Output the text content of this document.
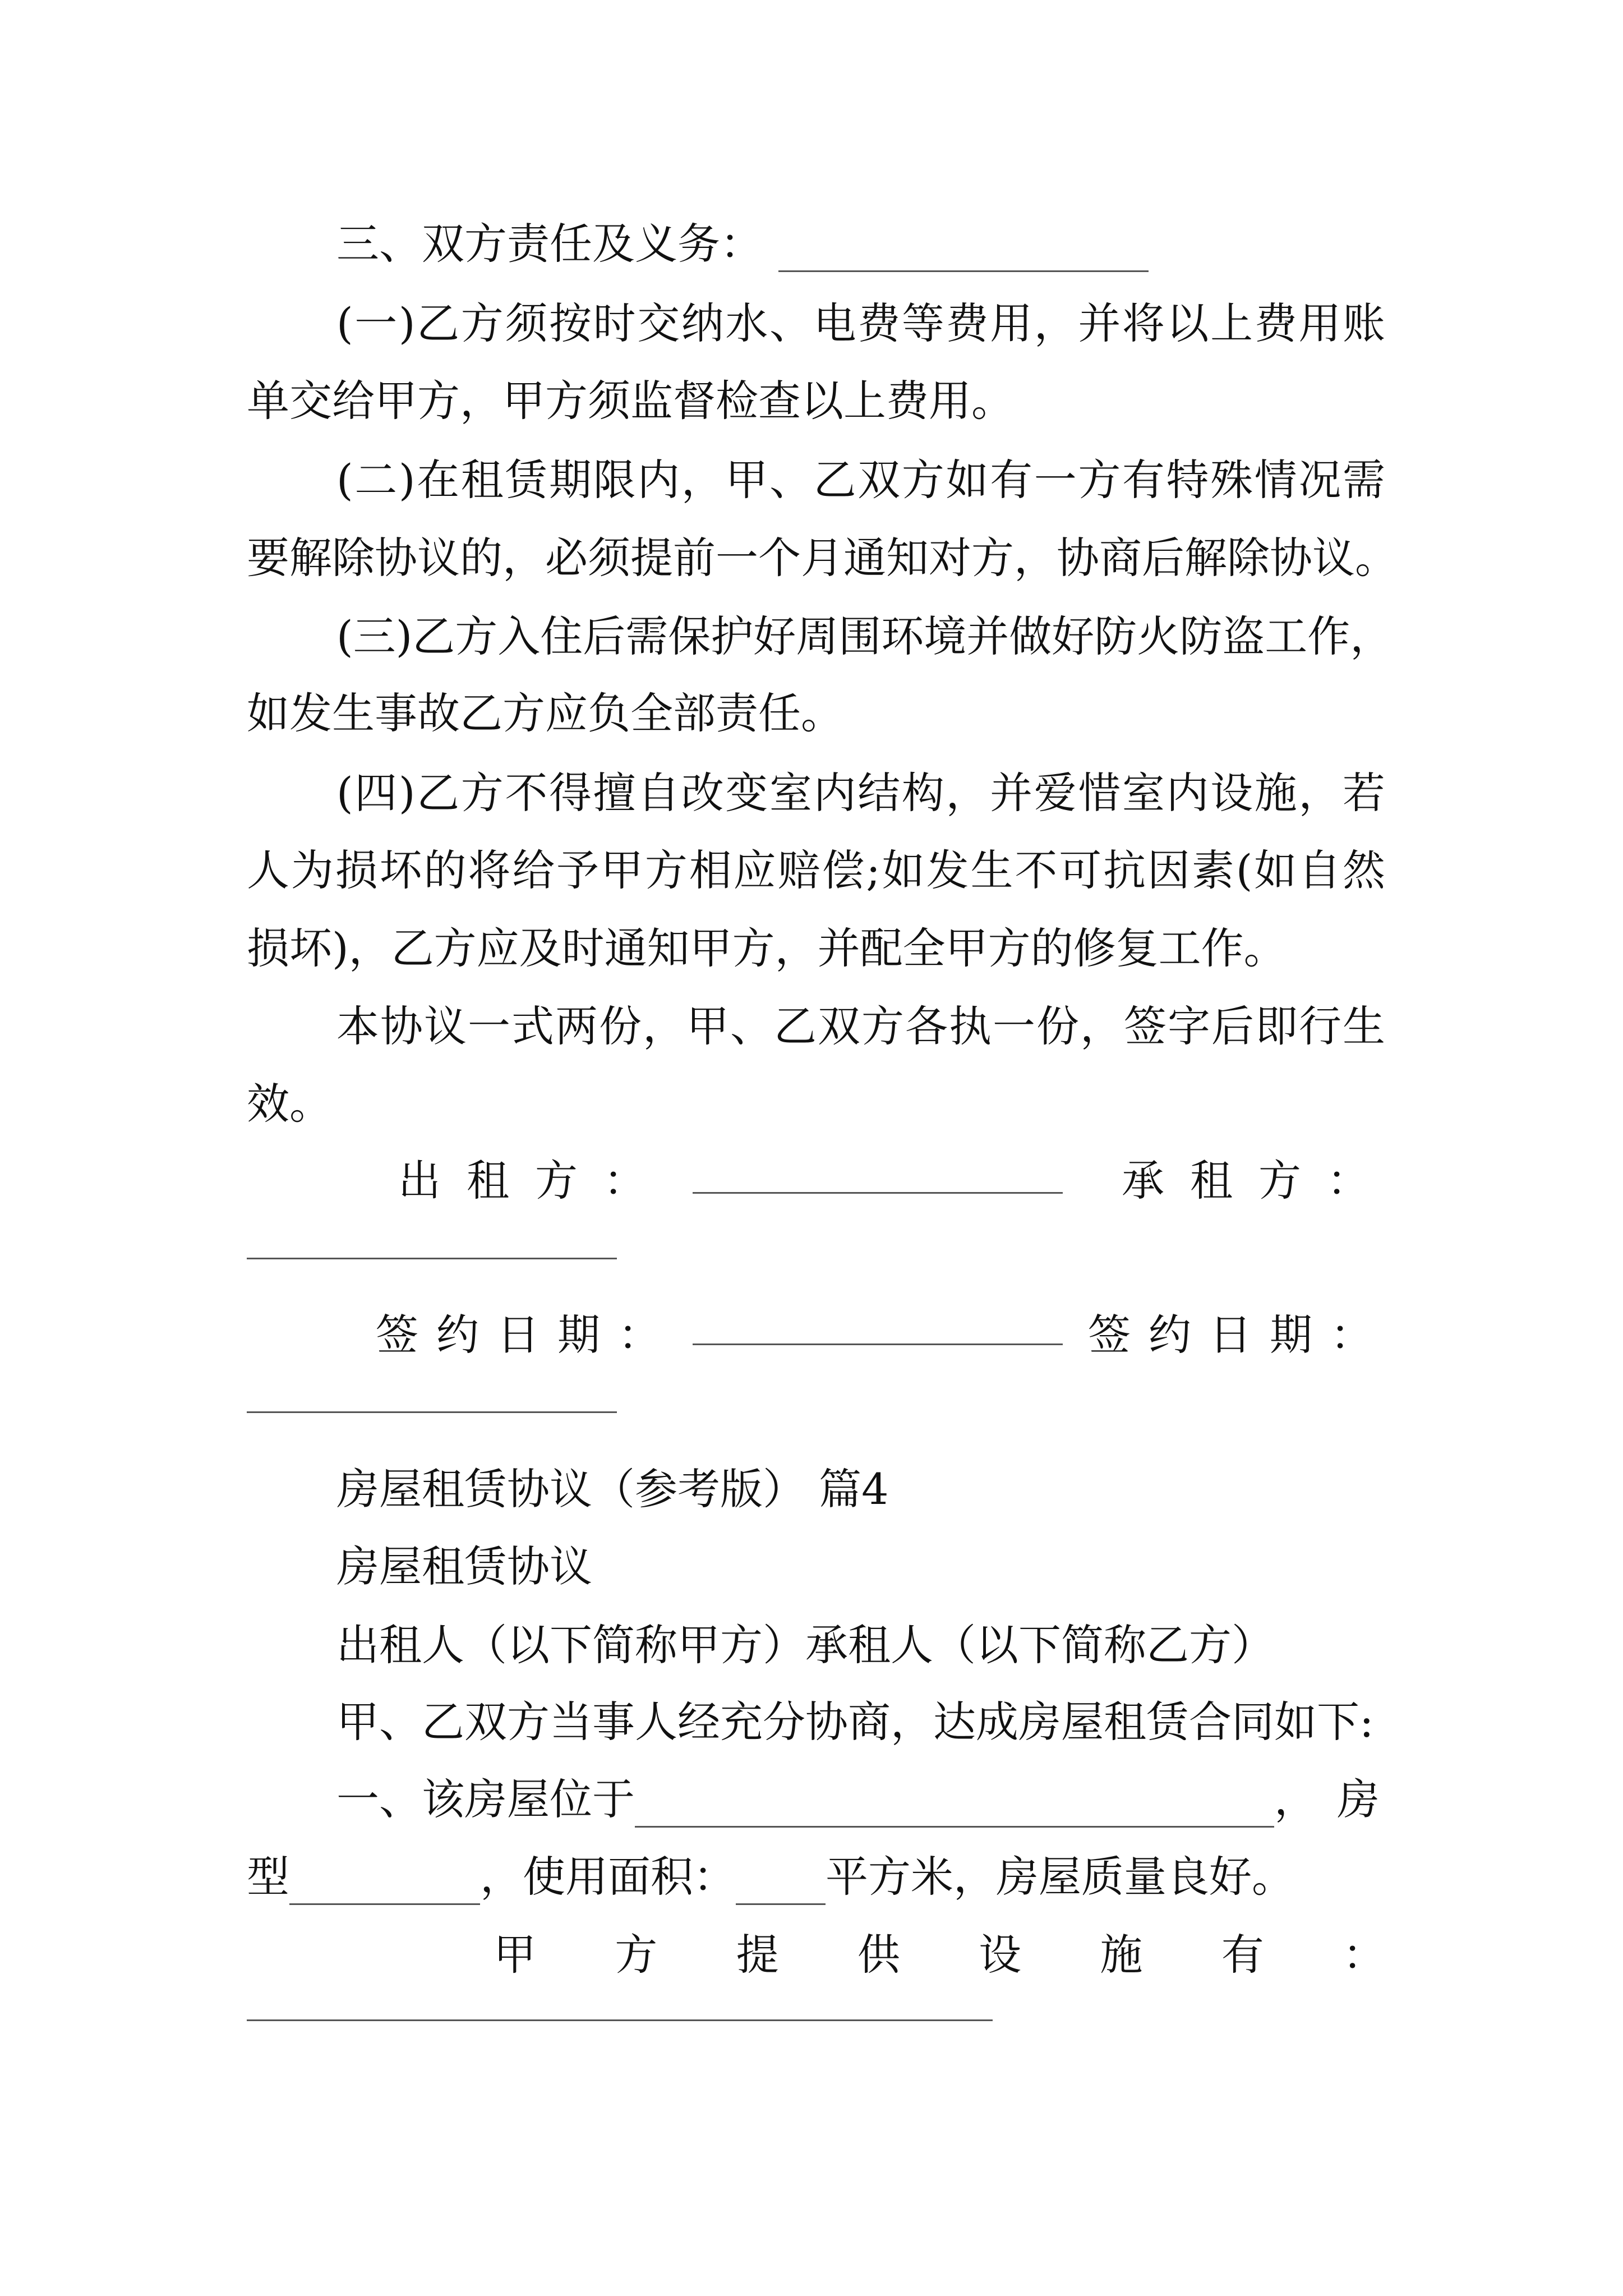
三、双方责任及义务：
(一)乙方须按时交纳水、电费等费用，并将以上费用账
单交给甲方，甲方须监督检查以上费用。
(二)在租赁期限内，甲、乙双方如有一方有特殊情况需
要解除协议的，必须提前一个月通知对方，协商后解除协议。
(三)乙方入住后需保护好周围环境并做好防火防盗工作，
如发生事故乙方应负全部责任。
(四)乙方不得擅自改变室内结构，并爱惜室内设施，若
人为损坏的将给予甲方相应赔偿;如发生不可抗因素(如自然
损坏)，乙方应及时通知甲方，并配全甲方的修复工作。
本协议一式两份，甲、乙双方各执一份，签字后即行生
效。
出租方：	承租方：
签约日期：	签约日期：
房屋租赁协议（参考版） 篇4
房屋租赁协议
出租人（以下简称甲方）承租人（以下简称乙方）
甲、乙双方当事人经充分协商，达成房屋租赁合同如下:
一、该房屋位于	，房
型	，使用面积： 平方米，房屋质量良好。
甲方提供设施有：
